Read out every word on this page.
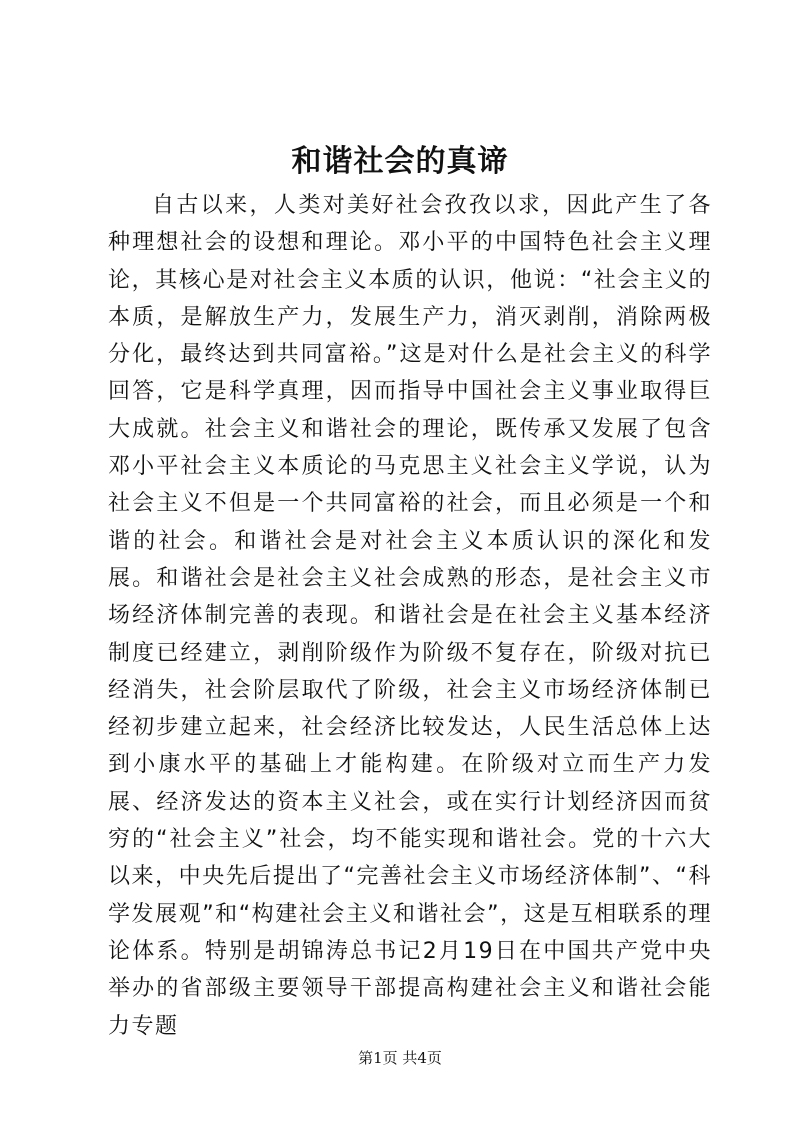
和谐社会的真谛

自古以来，人类对美好社会孜孜以求，因此产生了各种理想社会的设想和理论。邓小平的中国特色社会主义理论，其核心是对社会主义本质的认识，他说：“社会主义的本质，是解放生产力，发展生产力，消灭剥削，消除两极分化，最终达到共同富裕。”这是对什么是社会主义的科学回答，它是科学真理，因而指导中国社会主义事业取得巨大成就。社会主义和谐社会的理论，既传承又发展了包含邓小平社会主义本质论的马克思主义社会主义学说，认为社会主义不但是一个共同富裕的社会，而且必须是一个和谐的社会。和谐社会是对社会主义本质认识的深化和发展。和谐社会是社会主义社会成熟的形态，是社会主义市场经济体制完善的表现。和谐社会是在社会主义基本经济制度已经建立，剥削阶级作为阶级不复存在，阶级对抗已经消失，社会阶层取代了阶级，社会主义市场经济体制已经初步建立起来，社会经济比较发达，人民生活总体上达到小康水平的基础上才能构建。在阶级对立而生产力发展、经济发达的资本主义社会，或在实行计划经济因而贫穷的“社会主义”社会，均不能实现和谐社会。党的十六大以来，中央先后提出了“完善社会主义市场经济体制”、“科学发展观”和“构建社会主义和谐社会”，这是互相联系的理论体系。特别是胡锦涛总书记2月19日在中国共产党中央举办的省部级主要领导干部提高构建社会主义和谐社会能力专题

第1页 共4页
